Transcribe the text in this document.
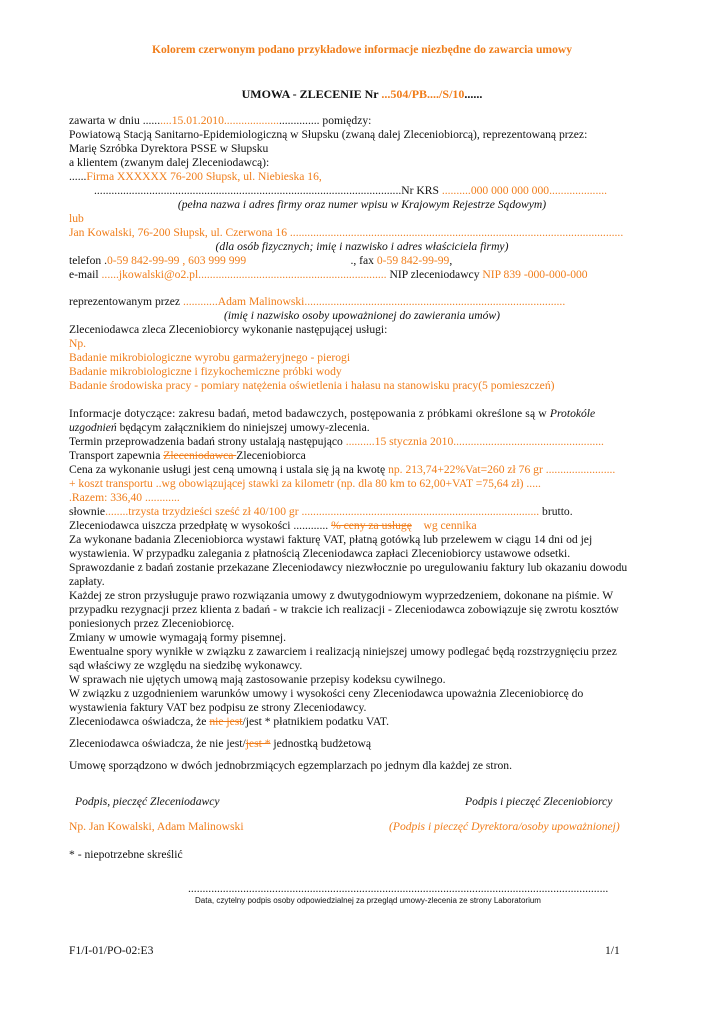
Kolorem czerwonym podano przykładowe informacje niezbędne do zawarcia umowy
UMOWA - ZLECENIE Nr ...504/PB..../S/10......
zawarta w dniu ..........15.01.2010................................. pomiędzy:
Powiatową Stacją Sanitarno-Epidemiologiczną w Słupsku (zwaną dalej Zleceniobiorcą), reprezentowaną przez:
Marię Szróbka Dyrektora PSSE w Słupsku
a klientem (zwanym dalej Zleceniodawcą):
......Firma XXXXXX 76-200 Słupsk, ul. Niebieska 16,
..........................................................................................................Nr KRS ..........000 000 000 000....................
(pełna nazwa i adres firmy oraz numer wpisu w Krajowym Rejestrze Sądowym)
lub
Jan Kowalski, 76-200 Słupsk, ul. Czerwona 16 ...................................................................................................................
(dla osób fizycznych; imię i nazwisko i adres właściciela firmy)
telefon .0-59 842-99-99 , 603 999 999                                    ., fax 0-59 842-99-99,
e-mail ......jkowalski@o2.pl................................................................. NIP zleceniodawcy NIP 839 -000-000-000
reprezentowanym przez ............Adam Malinowski..........................................................................................
(imię i nazwisko osoby upoważnionej do zawierania umów)
Zleceniodawca zleca Zleceniobiorcy wykonanie następującej usługi:
Np.
Badanie mikrobiologiczne wyrobu garmażeryjnego - pierogi
Badanie mikrobiologiczne i fizykochemiczne próbki wody
Badanie środowiska pracy - pomiary natężenia oświetlenia i hałasu na stanowisku pracy(5 pomieszczeń)
Informacje dotyczące: zakresu badań, metod badawczych, postępowania z próbkami określone są w Protokóle
uzgodnień będącym załącznikiem do niniejszej umowy-zlecenia.
Termin przeprowadzenia badań strony ustalają następująco ..........15 stycznia 2010....................................................
Transport zapewnia Zleceniodawca Zleceniobiorca
Cena za wykonanie usługi jest ceną umowną i ustala się ją na kwotę np. 213,74+22%Vat=260 zł 76 gr ........................
+ koszt transportu ..wg obowiązującej stawki za kilometr (np. dla 80 km to 62,00+VAT =75,64 zł) .....
.Razem: 336,40 ............
słownie........trzysta trzydzieści sześć zł 40/100 gr .................................................................................. brutto.
Zleceniodawca uiszcza przedpłatę w wysokości ............ % ceny za usługę    wg cennika
Za wykonane badania Zleceniobiorca wystawi fakturę VAT, płatną gotówką lub przelewem w ciągu 14 dni od jej
wystawienia. W przypadku zalegania z płatnością Zleceniodawca zapłaci Zleceniobiorcy ustawowe odsetki.
Sprawozdanie z badań zostanie przekazane Zleceniodawcy niezwłocznie po uregulowaniu faktury lub okazaniu dowodu
zapłaty.
Każdej ze stron przysługuje prawo rozwiązania umowy z dwutygodniowym wyprzedzeniem, dokonane na piśmie. W
przypadku rezygnacji przez klienta z badań - w trakcie ich realizacji - Zleceniodawca zobowiązuje się zwrotu kosztów
poniesionych przez Zleceniobiorcę.
Zmiany w umowie wymagają formy pisemnej.
Ewentualne spory wynikłe w związku z zawarciem i realizacją niniejszej umowy podlegać będą rozstrzygnięciu przez
sąd właściwy ze względu na siedzibę wykonawcy.
W sprawach nie ujętych umową mają zastosowanie przepisy kodeksu cywilnego.
W związku z uzgodnieniem warunków umowy i wysokości ceny Zleceniodawca upoważnia Zleceniobiorcę do
wystawienia faktury VAT bez podpisu ze strony Zleceniodawcy.
Zleceniodawca oświadcza, że nie jest/jest * płatnikiem podatku VAT.
Zleceniodawca oświadcza, że nie jest/jest * jednostką budżetową
Umowę sporządzono w dwóch jednobrzmiących egzemplarzach po jednym dla każdej ze stron.
Podpis, pieczęć Zleceniodawcy	Podpis i pieczęć Zleceniobiorcy
Np. Jan Kowalski, Adam Malinowski	(Podpis i pieczęć Dyrektora/osoby upoważnionej)
* - niepotrzebne skreślić
.................................................................................................................................................
Data, czytelny podpis osoby odpowiedzialnej za przegląd umowy-zlecenia ze strony Laboratorium
F1/I-01/PO-02:E3	1/1
